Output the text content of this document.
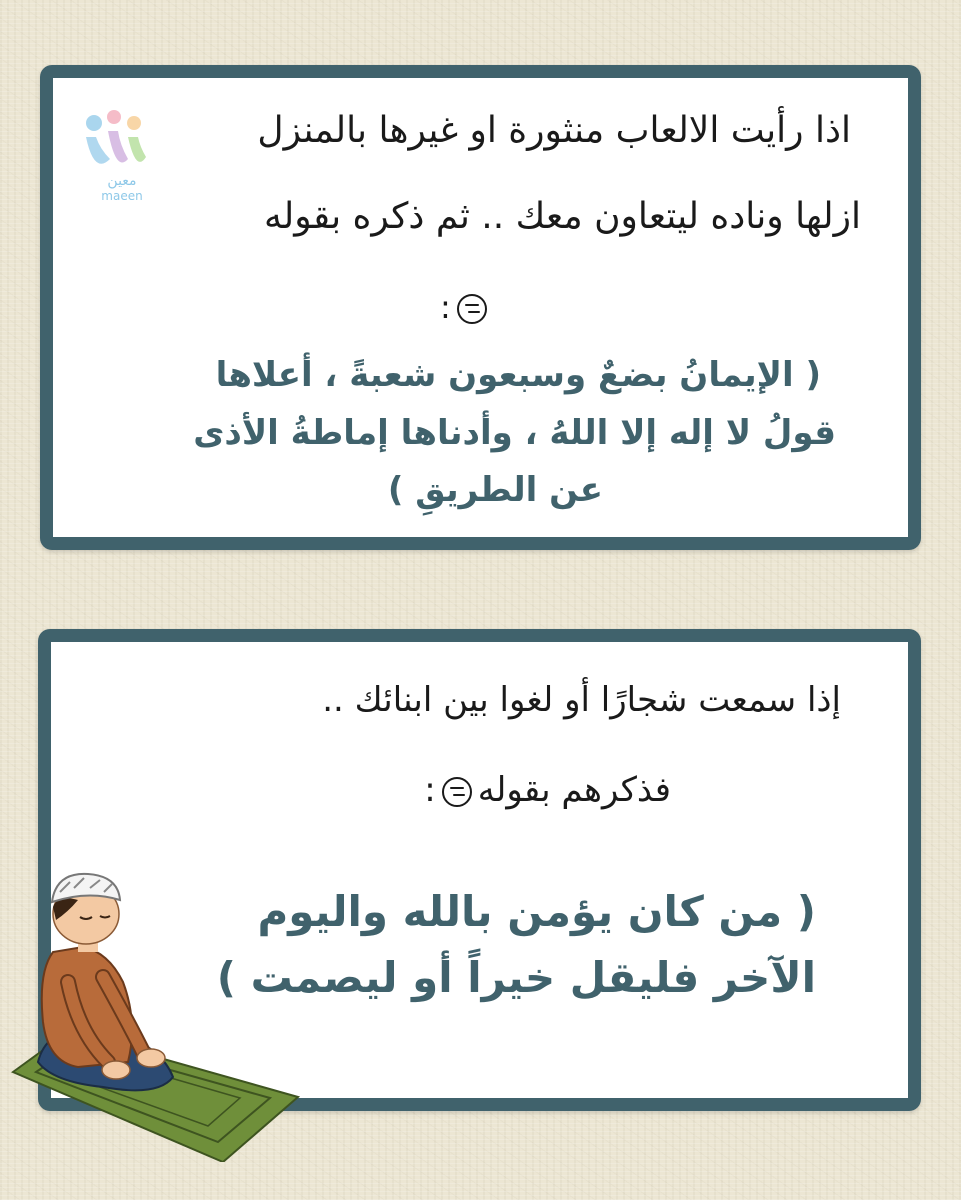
اذا رأيت الالعاب منثورة او غيرها بالمنزل
ازلها وناده ليتعاون معك .. ثم ذكره بقوله
:
( الإيمانُ بضعٌ وسبعون شعبةً ، أعلاها
قولُ لا إله إلا اللهُ ، وأدناها إماطةُ الأذى
عن الطريقِ )
معين
maeen
إذا سمعت شجارًا أو لغوا بين ابنائك ..
فذكرهم بقوله:
( من كان يؤمن بالله واليوم
الآخر فليقل خيراً أو ليصمت )
